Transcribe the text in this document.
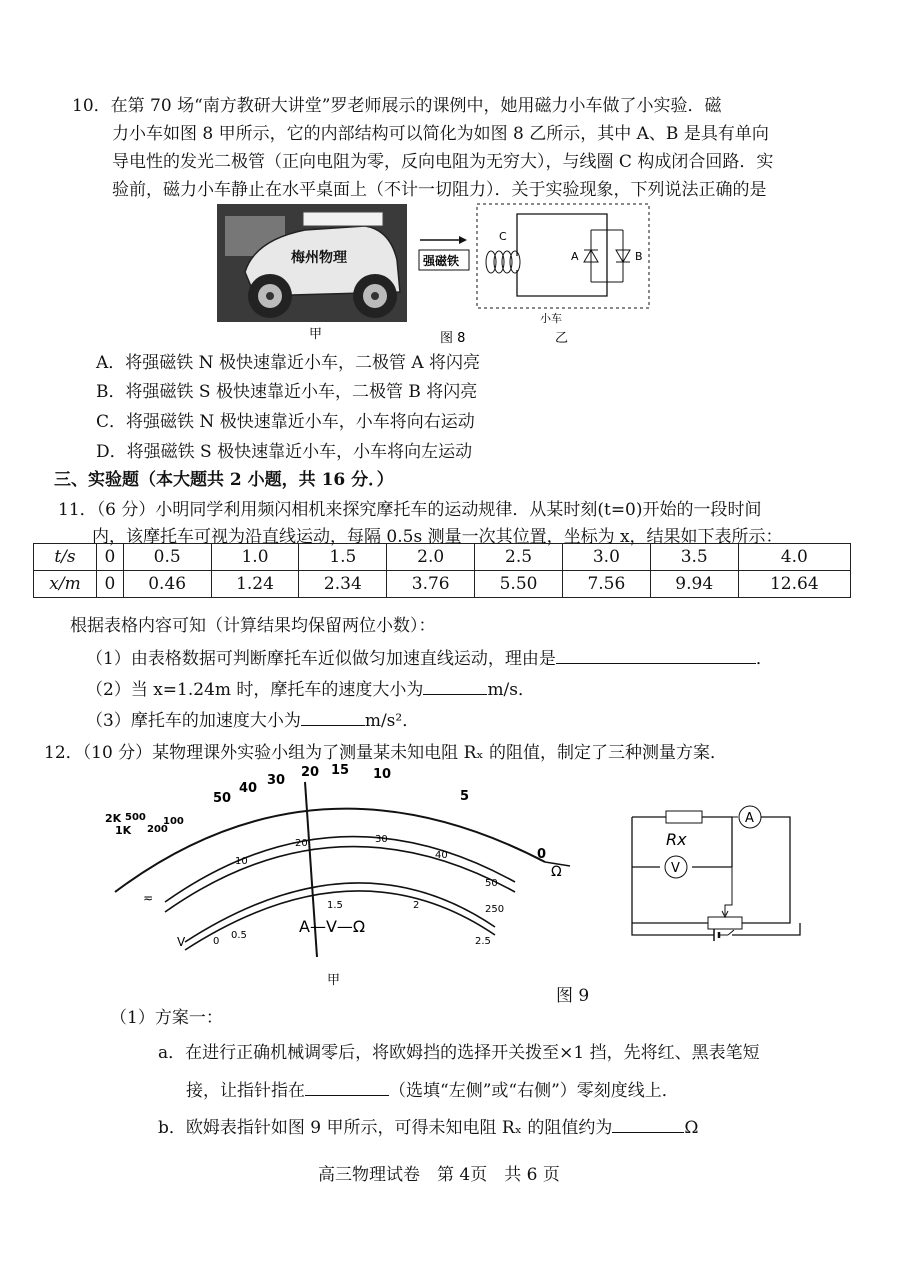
10．在第 70 场“南方教研大讲堂”罗老师展示的课例中，她用磁力小车做了小实验．磁
力小车如图 8 甲所示，它的内部结构可以简化为如图 8 乙所示，其中 A、B 是具有单向
导电性的发光二极管（正向电阻为零，反向电阻为无穷大），与线圈 C 构成闭合回路．实
验前，磁力小车静止在水平桌面上（不计一切阻力）．关于实验现象，下列说法正确的是
梅州物理
甲
强磁铁
C
A	B
小车
乙
图 8
A．将强磁铁 N 极快速靠近小车，二极管 A 将闪亮
B．将强磁铁 S 极快速靠近小车，二极管 B 将闪亮
C．将强磁铁 N 极快速靠近小车，小车将向右运动
D．将强磁铁 S 极快速靠近小车，小车将向左运动
三、实验题（本大题共 2 小题，共 16 分．）
11．（6 分）小明同学利用频闪相机来探究摩托车的运动规律．从某时刻(t=0)开始的一段时间
内，该摩托车可视为沿直线运动，每隔 0.5s 测量一次其位置，坐标为 x，结果如下表所示：
t/s	0	0.5	1.0	1.5	2.0	2.5	3.0	3.5	4.0
x/m	0	0.46	1.24	2.34	3.76	5.50	7.56	9.94	12.64
根据表格内容可知（计算结果均保留两位小数）：
（1）由表格数据可判断摩托车近似做匀加速直线运动，理由是	．
（2）当 x=1.24m 时，摩托车的速度大小为	m/s．
（3）摩托车的加速度大小为	m/s²．
12．（10 分）某物理课外实验小组为了测量某未知电阻 Rₓ 的阻值，制定了三种测量方案．
2K
1K
500
200
100
50
40
30
20 15 10
5
0
Ω
10
20	30
40
50
250
0
0.5
1.5	2
2.5
≂
V
A—V—Ω
甲
A
Rx
V
图 9
（1）方案一：
a．在进行正确机械调零后，将欧姆挡的选择开关拨至×1 挡，先将红、黑表笔短
接，让指针指在	（选填“左侧”或“右侧”）零刻度线上．
b．欧姆表指针如图 9 甲所示，可得未知电阻 Rₓ 的阻值约为	Ω
高三物理试卷　第 4页　共 6 页
